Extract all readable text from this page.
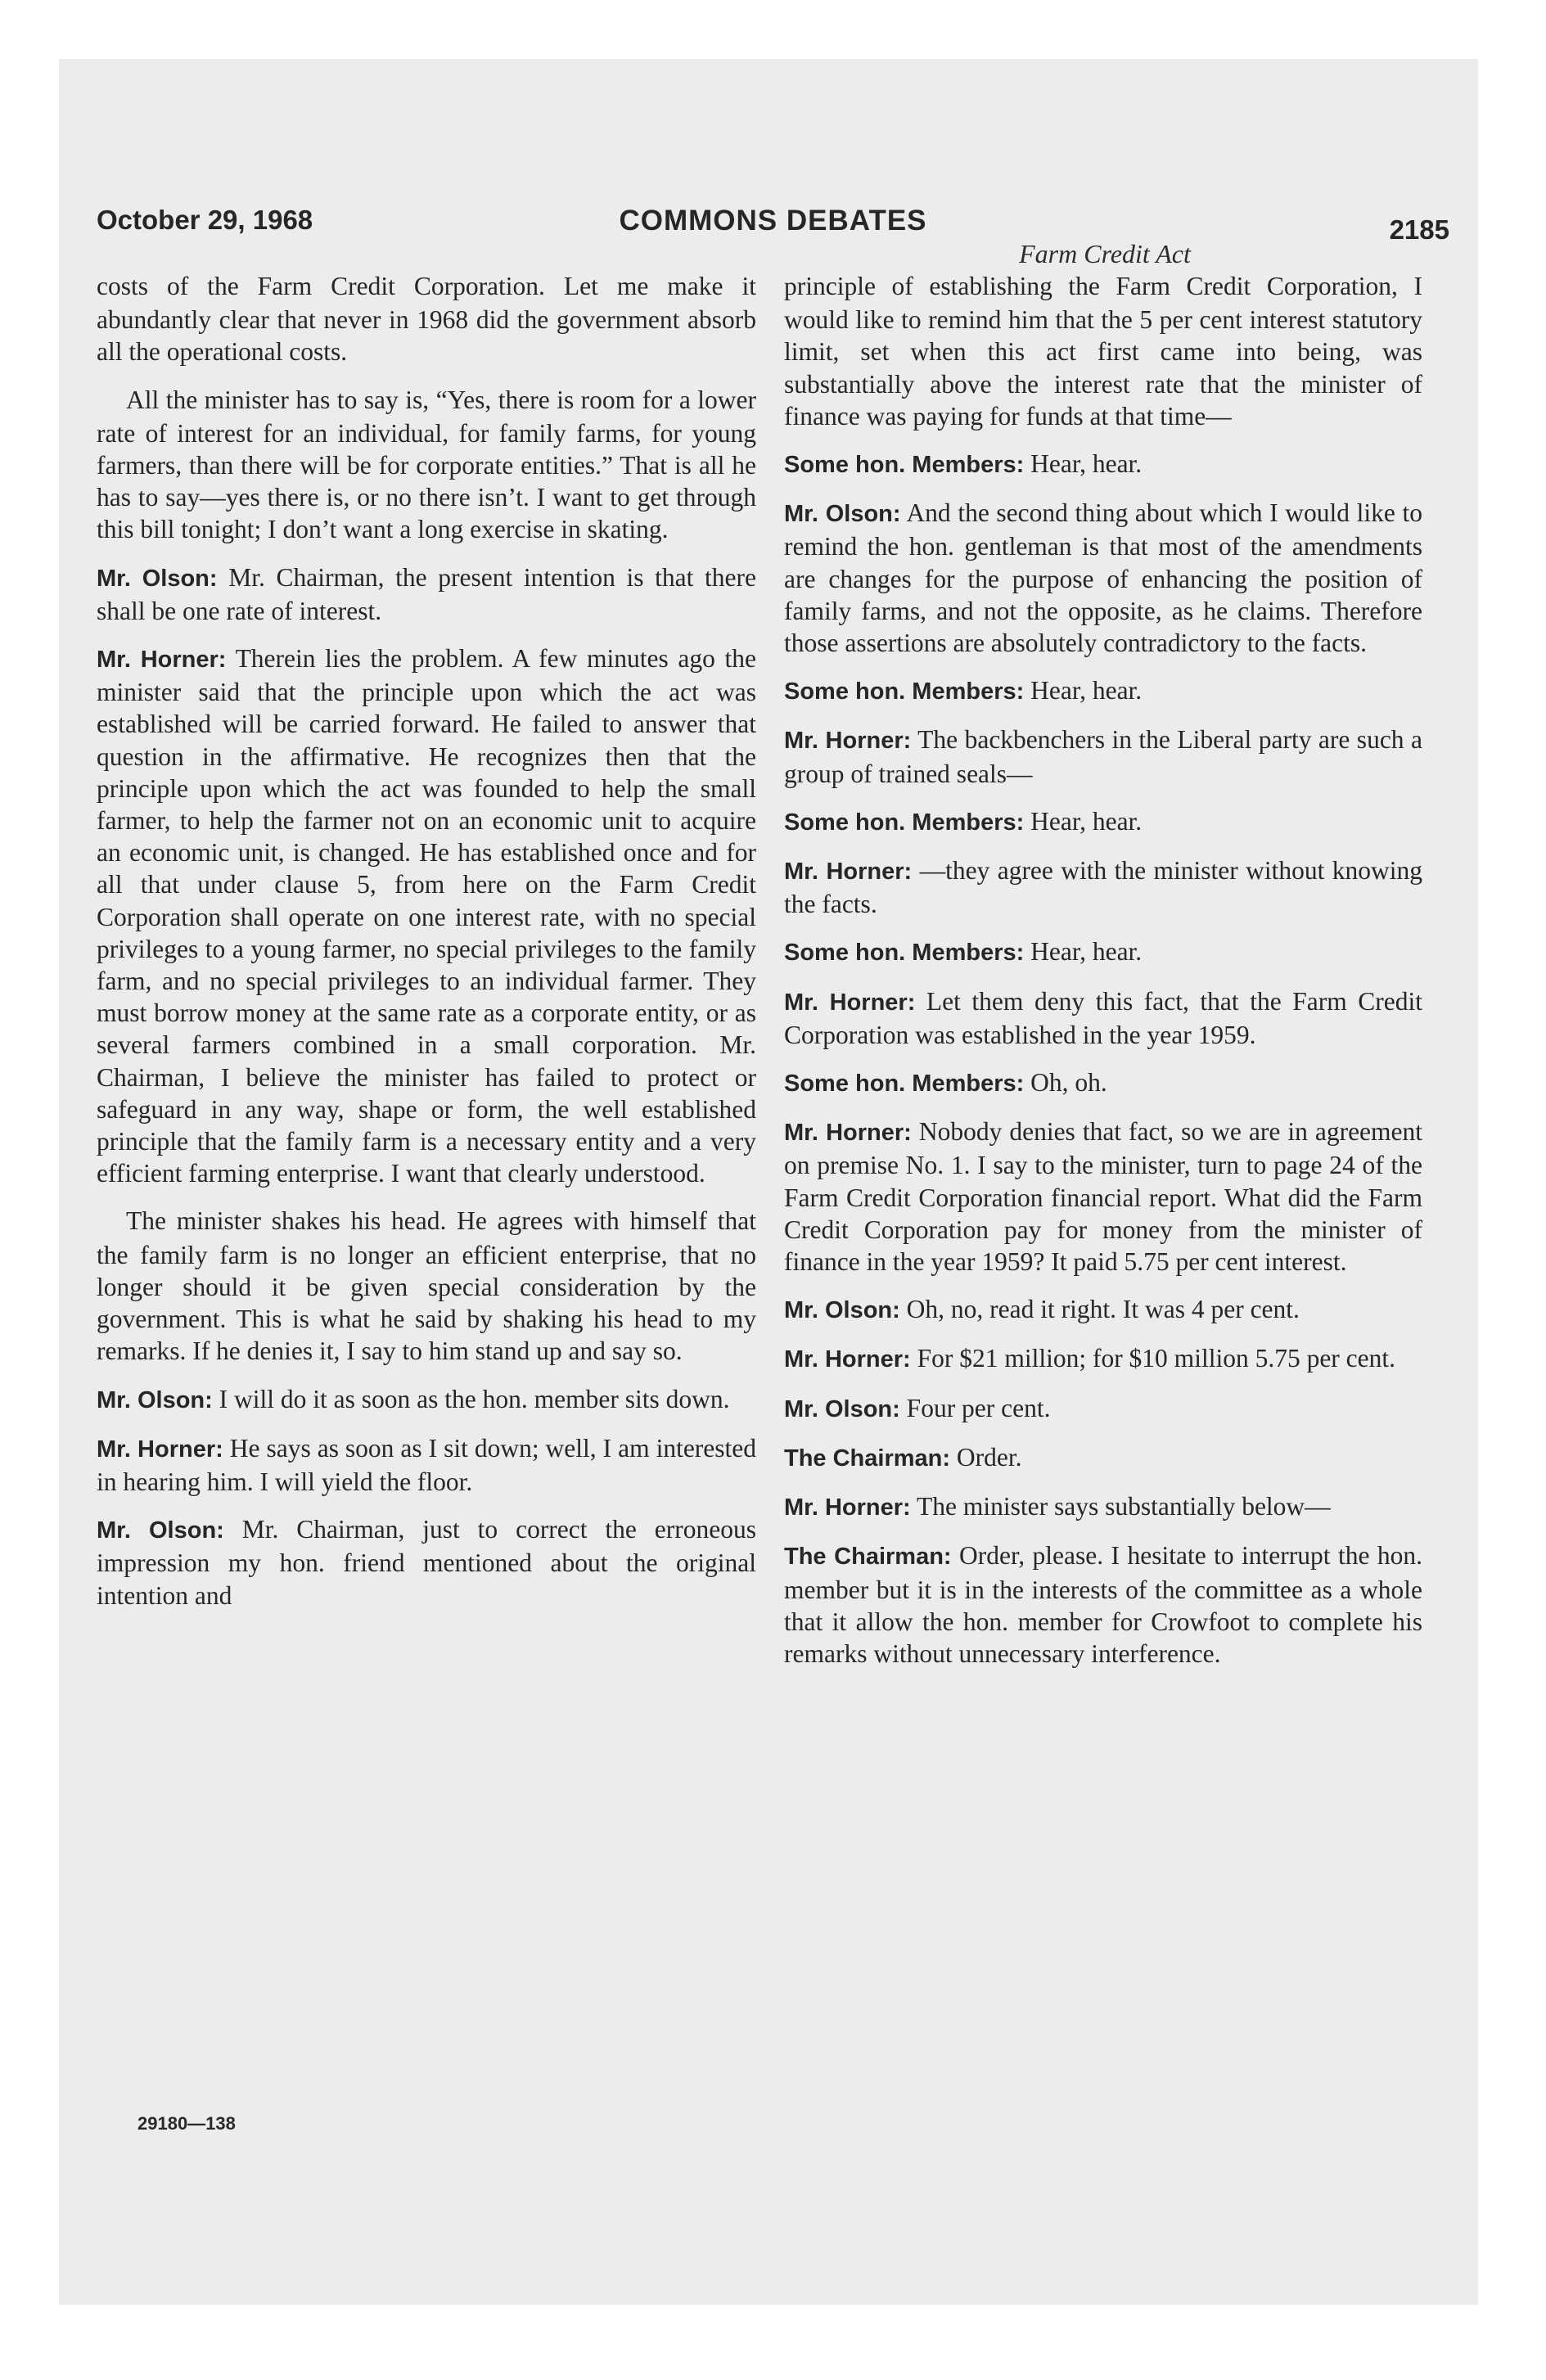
October 29, 1968	COMMONS DEBATES	2185
Farm Credit Act

costs of the Farm Credit Corporation. Let me make it abundantly clear that never in 1968 did the government absorb all the operational costs.

All the minister has to say is, “Yes, there is room for a lower rate of interest for an individual, for family farms, for young farmers, than there will be for corporate entities.” That is all he has to say—yes there is, or no there isn’t. I want to get through this bill tonight; I don’t want a long exercise in skating.

Mr. Olson: Mr. Chairman, the present intention is that there shall be one rate of interest.

Mr. Horner: Therein lies the problem. A few minutes ago the minister said that the principle upon which the act was established will be carried forward. He failed to answer that question in the affirmative. He recognizes then that the principle upon which the act was founded to help the small farmer, to help the farmer not on an economic unit to acquire an economic unit, is changed. He has established once and for all that under clause 5, from here on the Farm Credit Corporation shall operate on one interest rate, with no special privileges to a young farmer, no special privileges to the family farm, and no special privileges to an individual farmer. They must borrow money at the same rate as a corporate entity, or as several farmers combined in a small corporation. Mr. Chairman, I believe the minister has failed to protect or safeguard in any way, shape or form, the well established principle that the family farm is a necessary entity and a very efficient farming enterprise. I want that clearly understood.

The minister shakes his head. He agrees with himself that the family farm is no longer an efficient enterprise, that no longer should it be given special consideration by the government. This is what he said by shaking his head to my remarks. If he denies it, I say to him stand up and say so.

Mr. Olson: I will do it as soon as the hon. member sits down.

Mr. Horner: He says as soon as I sit down; well, I am interested in hearing him. I will yield the floor.

Mr. Olson: Mr. Chairman, just to correct the erroneous impression my hon. friend mentioned about the original intention and

principle of establishing the Farm Credit Corporation, I would like to remind him that the 5 per cent interest statutory limit, set when this act first came into being, was substantially above the interest rate that the minister of finance was paying for funds at that time—

Some hon. Members: Hear, hear.

Mr. Olson: And the second thing about which I would like to remind the hon. gentleman is that most of the amendments are changes for the purpose of enhancing the position of family farms, and not the opposite, as he claims. Therefore those assertions are absolutely contradictory to the facts.

Some hon. Members: Hear, hear.

Mr. Horner: The backbenchers in the Liberal party are such a group of trained seals—

Some hon. Members: Hear, hear.

Mr. Horner: —they agree with the minister without knowing the facts.

Some hon. Members: Hear, hear.

Mr. Horner: Let them deny this fact, that the Farm Credit Corporation was established in the year 1959.

Some hon. Members: Oh, oh.

Mr. Horner: Nobody denies that fact, so we are in agreement on premise No. 1. I say to the minister, turn to page 24 of the Farm Credit Corporation financial report. What did the Farm Credit Corporation pay for money from the minister of finance in the year 1959? It paid 5.75 per cent interest.

Mr. Olson: Oh, no, read it right. It was 4 per cent.

Mr. Horner: For $21 million; for $10 million 5.75 per cent.

Mr. Olson: Four per cent.

The Chairman: Order.

Mr. Horner: The minister says substantially below—

The Chairman: Order, please. I hesitate to interrupt the hon. member but it is in the interests of the committee as a whole that it allow the hon. member for Crowfoot to complete his remarks without unnecessary interference.

29180—138
